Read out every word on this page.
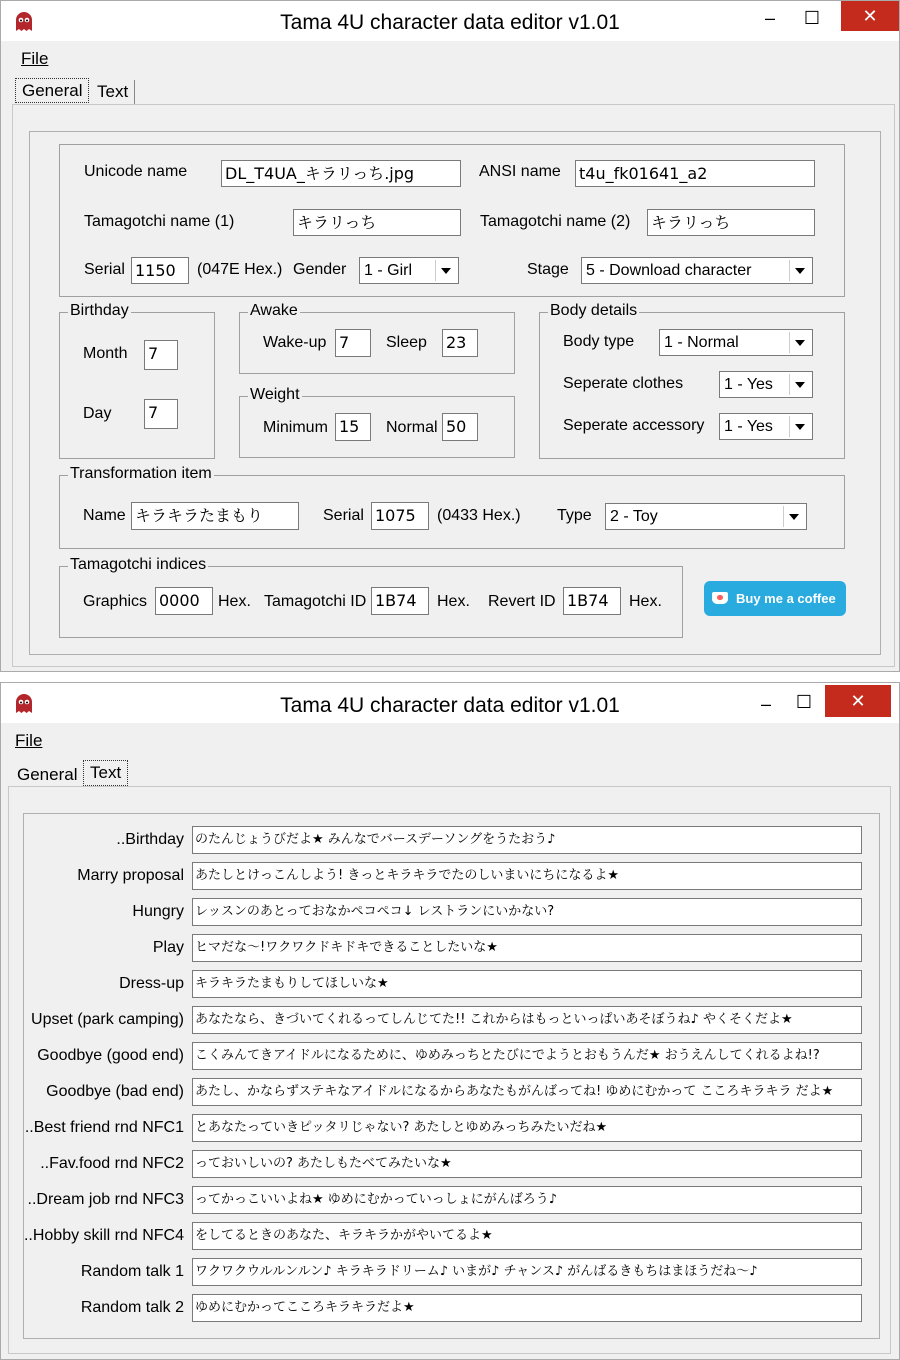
Tama 4U character data editor v1.01	–	☐	✕
File
General Text
Unicode name DL_T4UA_キラリっち.jpg	ANSI name t4u_fk01641_a2
Tamagotchi name (1)	キラリっち	Tamagotchi name (2) キラリっち
Serial 1150	(047E Hex.) Gender	1 - Girl	Stage	5 - Download character
Birthday
Month 7
Day 7
Awake
Wake-up 7	Sleep 23
Weight
Minimum 15	Normal 50
Body details
Body type	1 - Normal
Seperate clothes	1 - Yes
Seperate accessory	1 - Yes
Transformation item
Name キラキラたまもり	Serial 1075	(0433 Hex.) Type	2 - Toy
Tamagotchi indices
Graphics 0000	Hex. Tamagotchi ID 1B74	Hex. Revert ID 1B74	Hex.	Buy me a coffee
Tama 4U character data editor v1.01	–	☐	✕
File
General Text
..Birthday のたんじょうびだよ★ みんなでバースデーソングをうたおう♪
Marry proposal あたしとけっこんしよう! きっとキラキラでたのしいまいにちになるよ★
Hungry レッスンのあとっておなかペコペコ↓ レストランにいかない?
Play ヒマだな〜!ワクワクドキドキできることしたいな★
Dress-up キラキラたまもりしてほしいな★
Upset (park camping) あなたなら、きづいてくれるってしんじてた!! これからはもっといっぱいあそぼうね♪ やくそくだよ★
Goodbye (good end) こくみんてきアイドルになるために、ゆめみっちとたびにでようとおもうんだ★ おうえんしてくれるよね!?
Goodbye (bad end) あたし、かならずステキなアイドルになるからあなたもがんばってね! ゆめにむかって こころキラキラ だよ★
..Best friend rnd NFC1 とあなたっていきピッタリじゃない? あたしとゆめみっちみたいだね★
..Fav.food rnd NFC2 っておいしいの? あたしもたべてみたいな★
..Dream job rnd NFC3 ってかっこいいよね★ ゆめにむかっていっしょにがんばろう♪
..Hobby skill rnd NFC4 をしてるときのあなた、キラキラかがやいてるよ★
Random talk 1 ワクワクウルルンルン♪ キラキラドリーム♪ いまが♪ チャンス♪ がんばるきもちはまほうだね〜♪
Random talk 2 ゆめにむかってこころキラキラだよ★
